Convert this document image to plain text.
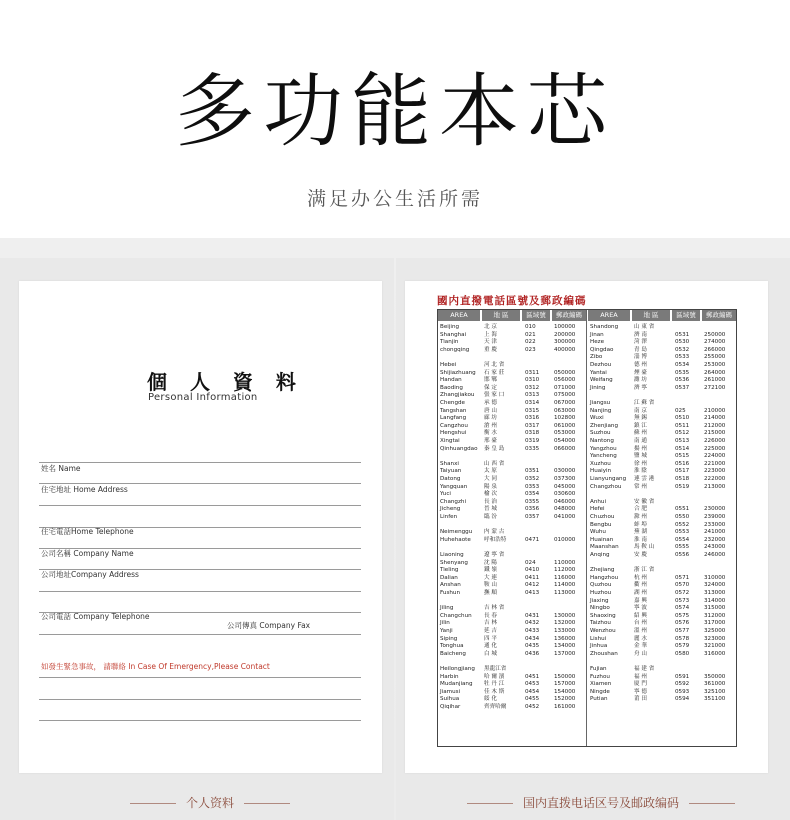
多功能本芯
满足办公生活所需
個 人 資 料
Personal Information
姓名 Name
住宅地址 Home Address
住宅電話Home Telephone
公司名稱 Company Name
公司地址Company Address
公司電話 Company Telephone
公司傳真 Company Fax
如發生緊急事故， 請聯絡 In Case Of Emergency,Please Contact
个人资料
國内直撥電話區號及郵政編碼
AREA	地 區	區域號	郵政編碼	AREA	地 區	區域號	郵政編碼
Beijing	北 京	010	100000
Shanghai	上 海	021	200000
Tianjin	天 津	022	300000
chongqing	重 慶	023	400000
Hebei	河 北 省
Shijiazhuang 石 家 莊	0311	050000
Handan	邯 鄲	0310	056000
Baoding	保 定	0312	071000
Zhangjiakou 張 家 口	0313	075000
Chengde	承 德	0314	067000
Tangshan	唐 山	0315	063000
Langfang	廊 坊	0316	102800
Cangzhou	滄 州	0317	061000
Hengshui	衡 水	0318	053000
Xingtai	邢 臺	0319	054000
Qinhuangdao 秦 皇 島	0335	066000
Shanxi	山 西 省
Taiyuan	太 原	0351	030000
Datong	大 同	0352	037300
Yangquan	陽 泉	0353	045000
Yuci	榆 次	0354	030600
Changzhi	長 治	0355	046000
Jicheng	晉 城	0356	048000
Linfen	臨 汾	0357	041000
Neimenggu 内 蒙 古
Huhehaote 呼和浩特	0471	010000
Liaoning	遼 寧 省
Shenyang	沈 陽	024	110000
Tieling	鐵 嶺	0410	112000
Dalian	大 連	0411	116000
Anshan	鞍 山	0412	114000
Fushun	撫 順	0413	113000
Jiling	吉 林 省
Changchun 長 春	0431	130000
Jilin	吉 林	0432	132000
Yanji	延 吉	0433	133000
Siping	四 平	0434	136000
Tonghua	通 化	0435	134000
Baicheng	白 城	0436	137000
Heilongjiang 黑龍江省
Harbin	哈 爾 濱	0451	150000
Mudanjiang 牡 丹 江	0453	157000
Jiamusi	佳 木 斯	0454	154000
Suihua	綏 化	0455	152000
Qiqihar	齊齊哈爾	0452	161000
Shandong	山 東 省
Jinan	濟 南	0531	250000
Heze	菏 澤	0530	274000
Qingdao	青 島	0532	266000
Zibo	淄 博	0533	255000
Dezhou	德 州	0534	253000
Yantai	煙 臺	0535	264000
Weifang	濰 坊	0536	261000
Jining	濟 寧	0537	272100
Jiangsu	江 蘇 省
Nanjing	南 京	025	210000
Wuxi	無 錫	0510	214000
Zhenjiang	鎮 江	0511	212000
Suzhou	蘇 州	0512	215000
Nantong	南 通	0513	226000
Yangzhou	揚 州	0514	225000
Yancheng	鹽 城	0515	224000
Xuzhou	徐 州	0516	221000
Huaiyin	淮 陰	0517	223000
Lianyungang 連 雲 港	0518	222000
Changzhou 常 州	0519	213000
Anhui	安 徽 省
Hefei	合 肥	0551	230000
Chuzhou	滁 州	0550	239000
Bengbu	蚌 埠	0552	233000
Wuhu	蕪 湖	0553	241000
Huainan	淮 南	0554	232000
Maanshan	馬 鞍 山	0555	243000
Anqing	安 慶	0556	246000
Zhejiang	浙 江 省
Hangzhou	杭 州	0571	310000
Quzhou	衢 州	0570	324000
Huzhou	湖 州	0572	313000
Jiaxing	嘉 興	0573	314000
Ningbo	寧 波	0574	315000
Shaoxing	紹 興	0575	312000
Taizhou	台 州	0576	317000
Wenzhou	溫 州	0577	325000
Lishui	麗 水	0578	323000
Jinhua	金 華	0579	321000
Zhoushan	舟 山	0580	316000
Fujian	福 建 省
Fuzhou	福 州	0591	350000
Xiamen	廈 門	0592	361000
Ningde	寧 德	0593	325100
Putian	莆 田	0594	351100
国内直拨电话区号及邮政编码
